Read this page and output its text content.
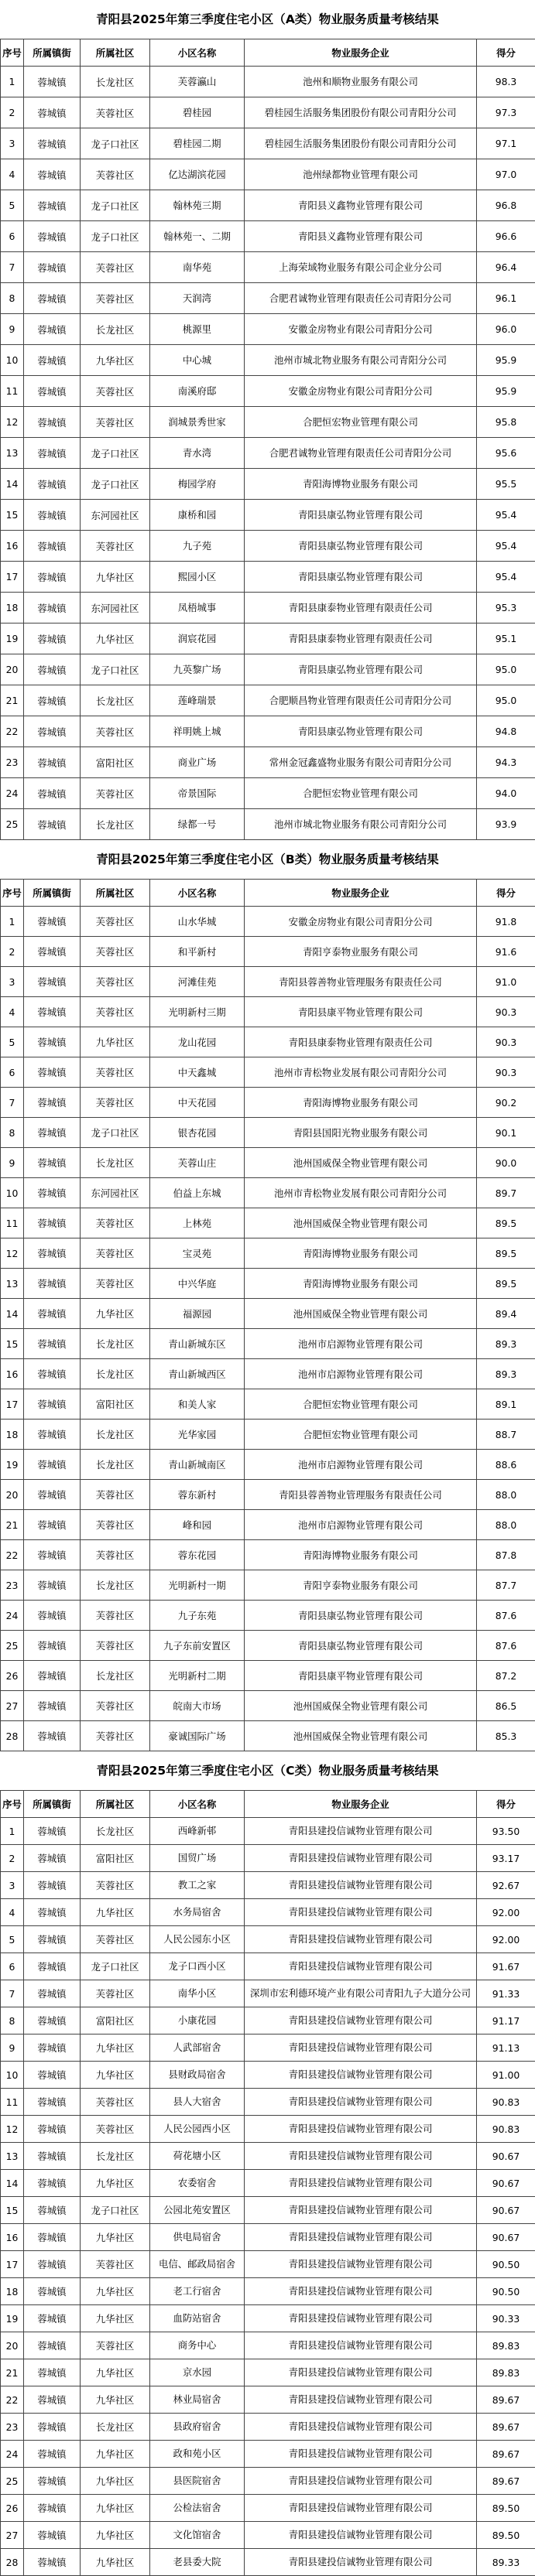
青阳县2025年第三季度住宅小区（A类）物业服务质量考核结果
序号	所属镇街	所属社区	小区名称	物业服务企业	得分
1	蓉城镇	长龙社区	芙蓉瀛山	池州和顺物业服务有限公司	98.3
2	蓉城镇	芙蓉社区	碧桂园	碧桂园生活服务集团股份有限公司青阳分公司	97.3
3	蓉城镇	龙子口社区	碧桂园二期	碧桂园生活服务集团股份有限公司青阳分公司	97.1
4	蓉城镇	芙蓉社区	亿达湖滨花园	池州绿都物业管理有限公司	97.0
5	蓉城镇	龙子口社区	翰林苑三期	青阳县义鑫物业管理有限公司	96.8
6	蓉城镇	龙子口社区	翰林苑一、二期	青阳县义鑫物业管理有限公司	96.6
7	蓉城镇	芙蓉社区	南华苑	上海荣域物业服务有限公司企业分公司	96.4
8	蓉城镇	芙蓉社区	天润湾	合肥君诚物业管理有限责任公司青阳分公司	96.1
9	蓉城镇	长龙社区	桃源里	安徽金房物业有限公司青阳分公司	96.0
10	蓉城镇	九华社区	中心城	池州市城北物业服务有限公司青阳分公司	95.9
11	蓉城镇	芙蓉社区	南溪府邸	安徽金房物业有限公司青阳分公司	95.9
12	蓉城镇	芙蓉社区	润城景秀世家	合肥恒宏物业管理有限公司	95.8
13	蓉城镇	龙子口社区	青水湾	合肥君诚物业管理有限责任公司青阳分公司	95.6
14	蓉城镇	龙子口社区	梅园学府	青阳海博物业服务有限公司	95.5
15	蓉城镇	东河园社区	康桥和园	青阳县康弘物业管理有限公司	95.4
16	蓉城镇	芙蓉社区	九子苑	青阳县康弘物业管理有限公司	95.4
17	蓉城镇	九华社区	熙园小区	青阳县康弘物业管理有限公司	95.4
18	蓉城镇	东河园社区	凤梧城事	青阳县康泰物业管理有限责任公司	95.3
19	蓉城镇	九华社区	润宸花园	青阳县康泰物业管理有限责任公司	95.1
20	蓉城镇	龙子口社区	九英黎广场	青阳县康弘物业管理有限公司	95.0
21	蓉城镇	长龙社区	莲峰瑞景	合肥顺昌物业管理有限责任公司青阳分公司	95.0
22	蓉城镇	芙蓉社区	祥明姚上城	青阳县康弘物业管理有限公司	94.8
23	蓉城镇	富阳社区	商业广场	常州金冠鑫盛物业服务有限公司青阳分公司	94.3
24	蓉城镇	芙蓉社区	帝景国际	合肥恒宏物业管理有限公司	94.0
25	蓉城镇	长龙社区	绿都一号	池州市城北物业服务有限公司青阳分公司	93.9
青阳县2025年第三季度住宅小区（B类）物业服务质量考核结果
序号	所属镇街	所属社区	小区名称	物业服务企业	得分
1	蓉城镇	芙蓉社区	山水华城	安徽金房物业有限公司青阳分公司	91.8
2	蓉城镇	芙蓉社区	和平新村	青阳亨泰物业服务有限公司	91.6
3	蓉城镇	芙蓉社区	河滩佳苑	青阳县蓉善物业管理服务有限责任公司	91.0
4	蓉城镇	芙蓉社区	光明新村三期	青阳县康平物业管理有限公司	90.3
5	蓉城镇	九华社区	龙山花园	青阳县康泰物业管理有限责任公司	90.3
6	蓉城镇	芙蓉社区	中天鑫城	池州市青松物业发展有限公司青阳分公司	90.3
7	蓉城镇	芙蓉社区	中天花园	青阳海博物业服务有限公司	90.2
8	蓉城镇	龙子口社区	银杏花园	青阳县国阳光物业服务有限公司	90.1
9	蓉城镇	长龙社区	芙蓉山庄	池州国威保全物业管理有限公司	90.0
10	蓉城镇	东河园社区	伯益上东城	池州市青松物业发展有限公司青阳分公司	89.7
11	蓉城镇	芙蓉社区	上林苑	池州国威保全物业管理有限公司	89.5
12	蓉城镇	芙蓉社区	宝灵苑	青阳海博物业服务有限公司	89.5
13	蓉城镇	芙蓉社区	中兴华庭	青阳海博物业服务有限公司	89.5
14	蓉城镇	九华社区	福源园	池州国威保全物业管理有限公司	89.4
15	蓉城镇	长龙社区	青山新城东区	池州市启源物业管理有限公司	89.3
16	蓉城镇	长龙社区	青山新城西区	池州市启源物业管理有限公司	89.3
17	蓉城镇	富阳社区	和美人家	合肥恒宏物业管理有限公司	89.1
18	蓉城镇	长龙社区	光华家园	合肥恒宏物业管理有限公司	88.7
19	蓉城镇	长龙社区	青山新城南区	池州市启源物业管理有限公司	88.6
20	蓉城镇	芙蓉社区	蓉东新村	青阳县蓉善物业管理服务有限责任公司	88.0
21	蓉城镇	芙蓉社区	峰和园	池州市启源物业管理有限公司	88.0
22	蓉城镇	芙蓉社区	蓉东花园	青阳海博物业服务有限公司	87.8
23	蓉城镇	长龙社区	光明新村一期	青阳亨泰物业服务有限公司	87.7
24	蓉城镇	芙蓉社区	九子东苑	青阳县康弘物业管理有限公司	87.6
25	蓉城镇	芙蓉社区	九子东前安置区	青阳县康弘物业管理有限公司	87.6
26	蓉城镇	长龙社区	光明新村二期	青阳县康平物业管理有限公司	87.2
27	蓉城镇	芙蓉社区	皖南大市场	池州国威保全物业管理有限公司	86.5
28	蓉城镇	芙蓉社区	豪诚国际广场	池州国威保全物业管理有限公司	85.3
青阳县2025年第三季度住宅小区（C类）物业服务质量考核结果
序号	所属镇街	所属社区	小区名称	物业服务企业	得分
1	蓉城镇	长龙社区	西峰新邨	青阳县建投信诚物业管理有限公司	93.50
2	蓉城镇	富阳社区	国贸广场	青阳县建投信诚物业管理有限公司	93.17
3	蓉城镇	芙蓉社区	教工之家	青阳县建投信诚物业管理有限公司	92.67
4	蓉城镇	九华社区	水务局宿舍	青阳县建投信诚物业管理有限公司	92.00
5	蓉城镇	芙蓉社区	人民公园东小区	青阳县建投信诚物业管理有限公司	92.00
6	蓉城镇	龙子口社区	龙子口西小区	青阳县建投信诚物业管理有限公司	91.67
7	蓉城镇	芙蓉社区	南华小区	深圳市宏利德环境产业有限公司青阳九子大道分公司	91.33
8	蓉城镇	富阳社区	小康花园	青阳县建投信诚物业管理有限公司	91.17
9	蓉城镇	九华社区	人武部宿舍	青阳县建投信诚物业管理有限公司	91.13
10	蓉城镇	九华社区	县财政局宿舍	青阳县建投信诚物业管理有限公司	91.00
11	蓉城镇	芙蓉社区	县人大宿舍	青阳县建投信诚物业管理有限公司	90.83
12	蓉城镇	芙蓉社区	人民公园西小区	青阳县建投信诚物业管理有限公司	90.83
13	蓉城镇	长龙社区	荷花塘小区	青阳县建投信诚物业管理有限公司	90.67
14	蓉城镇	九华社区	农委宿舍	青阳县建投信诚物业管理有限公司	90.67
15	蓉城镇	龙子口社区	公园北苑安置区	青阳县建投信诚物业管理有限公司	90.67
16	蓉城镇	九华社区	供电局宿舍	青阳县建投信诚物业管理有限公司	90.67
17	蓉城镇	芙蓉社区	电信、邮政局宿舍	青阳县建投信诚物业管理有限公司	90.50
18	蓉城镇	九华社区	老工行宿舍	青阳县建投信诚物业管理有限公司	90.50
19	蓉城镇	九华社区	血防站宿舍	青阳县建投信诚物业管理有限公司	90.33
20	蓉城镇	芙蓉社区	商务中心	青阳县建投信诚物业管理有限公司	89.83
21	蓉城镇	九华社区	京水园	青阳县建投信诚物业管理有限公司	89.83
22	蓉城镇	九华社区	林业局宿舍	青阳县建投信诚物业管理有限公司	89.67
23	蓉城镇	长龙社区	县政府宿舍	青阳县建投信诚物业管理有限公司	89.67
24	蓉城镇	九华社区	政和苑小区	青阳县建投信诚物业管理有限公司	89.67
25	蓉城镇	九华社区	县医院宿舍	青阳县建投信诚物业管理有限公司	89.67
26	蓉城镇	九华社区	公检法宿舍	青阳县建投信诚物业管理有限公司	89.50
27	蓉城镇	九华社区	文化馆宿舍	青阳县建投信诚物业管理有限公司	89.50
28	蓉城镇	九华社区	老县委大院	青阳县建投信诚物业管理有限公司	89.33
